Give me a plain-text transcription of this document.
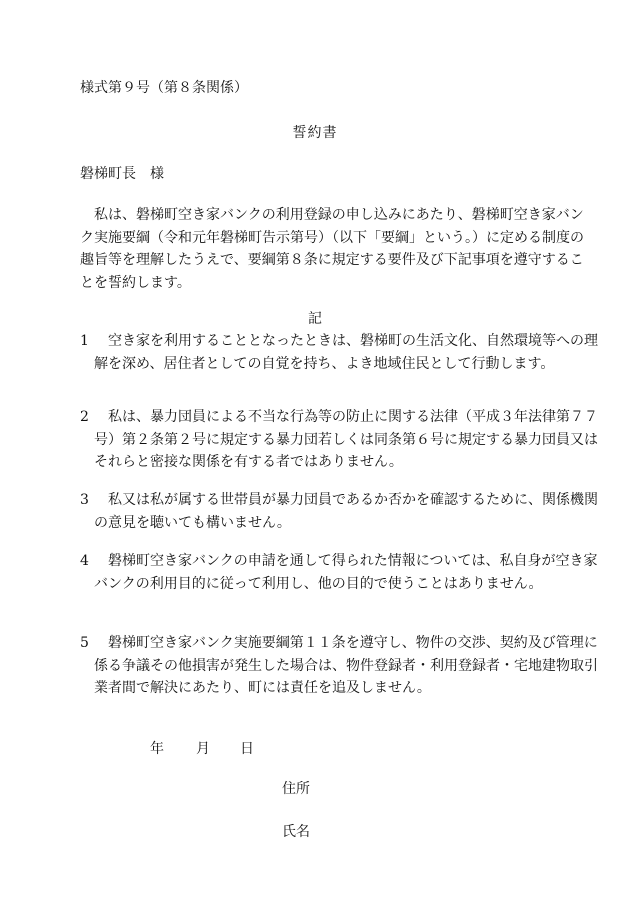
様式第９号（第８条関係）
誓約書
磐梯町長　様
私は、磐梯町空き家バンクの利用登録の申し込みにあたり、磐梯町空き家バンク実施要綱（令和元年磐梯町告示第号）（以下「要綱」という。）に定める制度の趣旨等を理解したうえで、要綱第８条に規定する要件及び下記事項を遵守することを誓約します。
記
1 空き家を利用することとなったときは、磐梯町の生活文化、自然環境等への理解を深め、居住者としての自覚を持ち、よき地域住民として行動します。
2 私は、暴力団員による不当な行為等の防止に関する法律（平成３年法律第７７号）第２条第２号に規定する暴力団若しくは同条第６号に規定する暴力団員又はそれらと密接な関係を有する者ではありません。
3 私又は私が属する世帯員が暴力団員であるか否かを確認するために、関係機関の意見を聴いても構いません。
4 磐梯町空き家バンクの申請を通して得られた情報については、私自身が空き家バンクの利用目的に従って利用し、他の目的で使うことはありません。
5 磐梯町空き家バンク実施要綱第１１条を遵守し、物件の交渉、契約及び管理に係る争議その他損害が発生した場合は、物件登録者・利用登録者・宅地建物取引業者間で解決にあたり、町には責任を追及しません。
年 月 日
住所
氏名
